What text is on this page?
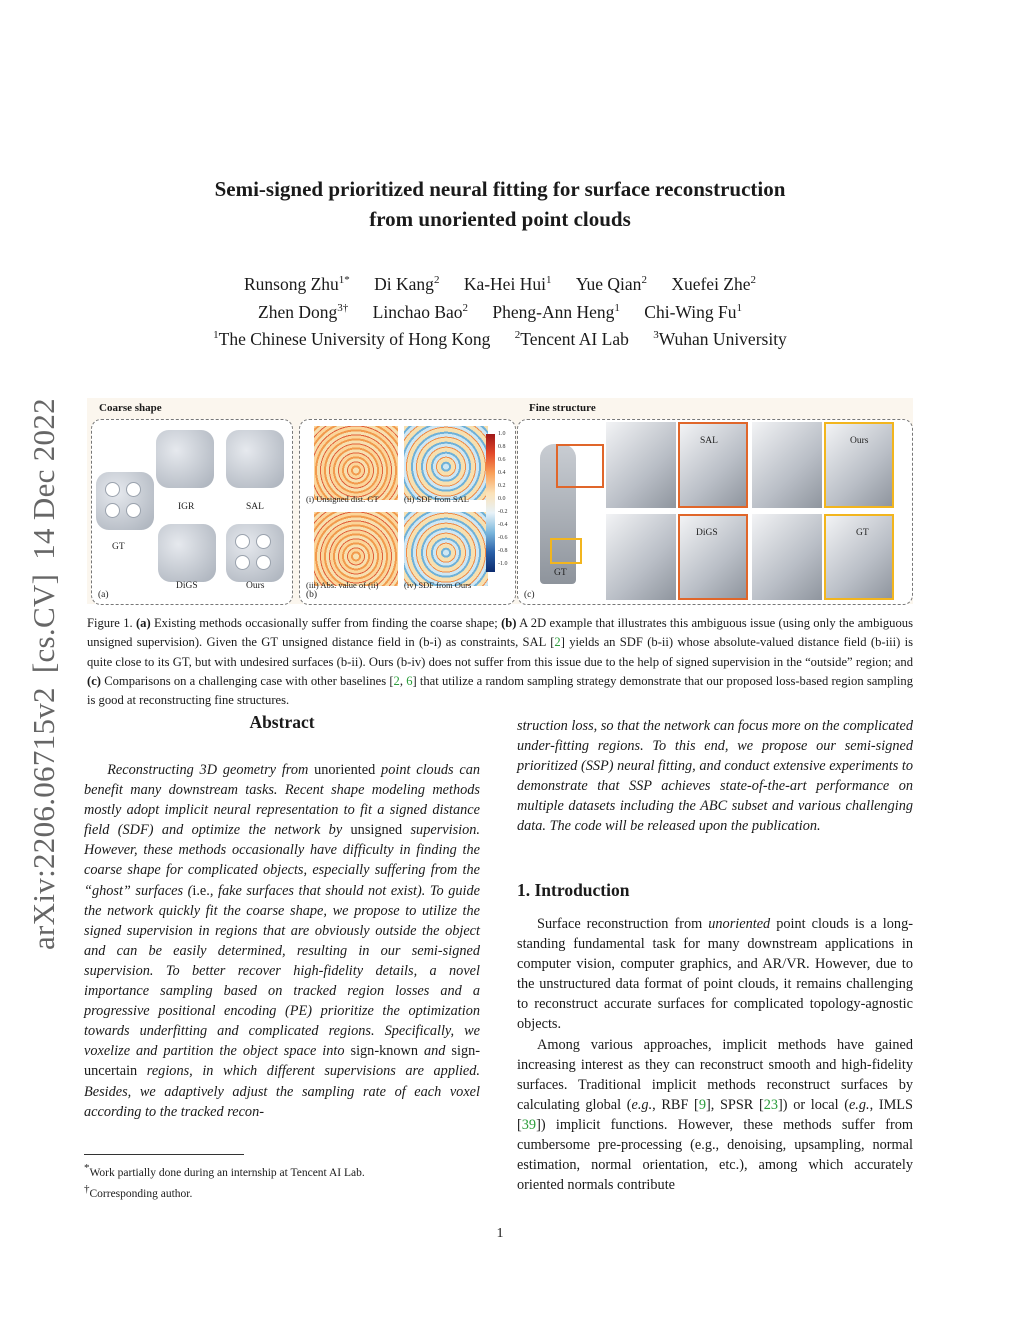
arXiv:2206.06715v2[cs.CV]14 Dec 2022
Semi-signed prioritized neural fitting for surface reconstruction
from unoriented point clouds
Runsong Zhu$^{1*}$ Di Kang$^2$ Ka-Hei Hui$^1$ Yue Qian$^2$ Xuefei Zhe$^2$
Zhen Dong$^{3\dagger}$ Linchao Bao$^2$ Pheng-Ann Heng$^1$ Chi-Wing Fu$^1$
$^1$The Chinese University of Hong Kong $^2$Tencent AI Lab $^3$Wuhan University
Coarse shape	Fine structure
IGR	SAL
GT
DiGS	Ours
(a)
(i) Unsigned dist. GT	(ii) SDF from SAL
(iii) Abs. value of (ii)	(iv) SDF from Ours
(b)
1.0
0.8
0.6
0.4
0.2
0.0
-0.2
-0.4
-0.6
-0.8
-1.0
GT
SAL	Ours
DiGS	GT
(c)
Figure 1. (a) Existing methods occasionally suffer from finding the coarse shape; (b) A 2D example that illustrates this ambiguous issue (using only the ambiguous unsigned supervision). Given the GT unsigned distance field in (b-i) as constraints, SAL [2] yields an SDF (b-ii) whose absolute-valued distance field (b-iii) is quite close to its GT, but with undesired surfaces (b-ii). Ours (b-iv) does not suffer from this issue due to the help of signed supervision in the “outside” region; and (c) Comparisons on a challenging case with other baselines [2, 6] that utilize a random sampling strategy demonstrate that our proposed loss-based region sampling is good at reconstructing fine structures.
Abstract
Reconstructing 3D geometry from unoriented point clouds can benefit many downstream tasks. Recent shape modeling methods mostly adopt implicit neural representation to fit a signed distance field (SDF) and optimize the network by unsigned supervision. However, these methods occasionally have difficulty in finding the coarse shape for complicated objects, especially suffering from the “ghost” surfaces (i.e., fake surfaces that should not exist). To guide the network quickly fit the coarse shape, we propose to utilize the signed supervision in regions that are obviously outside the object and can be easily determined, resulting in our semi-signed supervision. To better recover high-fidelity details, a novel importance sampling based on tracked region losses and a progressive positional encoding (PE) prioritize the optimization towards underfitting and complicated regions. Specifically, we voxelize and partition the object space into sign-known and sign-uncertain regions, in which different supervisions are applied. Besides, we adaptively adjust the sampling rate of each voxel according to the tracked recon-
struction loss, so that the network can focus more on the complicated under-fitting regions. To this end, we propose our semi-signed prioritized (SSP) neural fitting, and conduct extensive experiments to demonstrate that SSP achieves state-of-the-art performance on multiple datasets including the ABC subset and various challenging data. The code will be released upon the publication.
1. Introduction

Surface reconstruction from unoriented point clouds is a long-standing fundamental task for many downstream applications in computer vision, computer graphics, and AR/VR. However, due to the unstructured data format of point clouds, it remains challenging to reconstruct accurate surfaces for complicated topology-agnostic objects.

Among various approaches, implicit methods have gained increasing interest as they can reconstruct smooth and high-fidelity surfaces. Traditional implicit methods reconstruct surfaces by calculating global (e.g., RBF [9], SPSR [23]) or local (e.g., IMLS [39]) implicit functions. However, these methods suffer from cumbersome pre-processing (e.g., denoising, upsampling, normal estimation, normal orientation, etc.), among which accurately oriented normals contribute

*Work partially done during an internship at Tencent AI Lab.
†Corresponding author.
1
